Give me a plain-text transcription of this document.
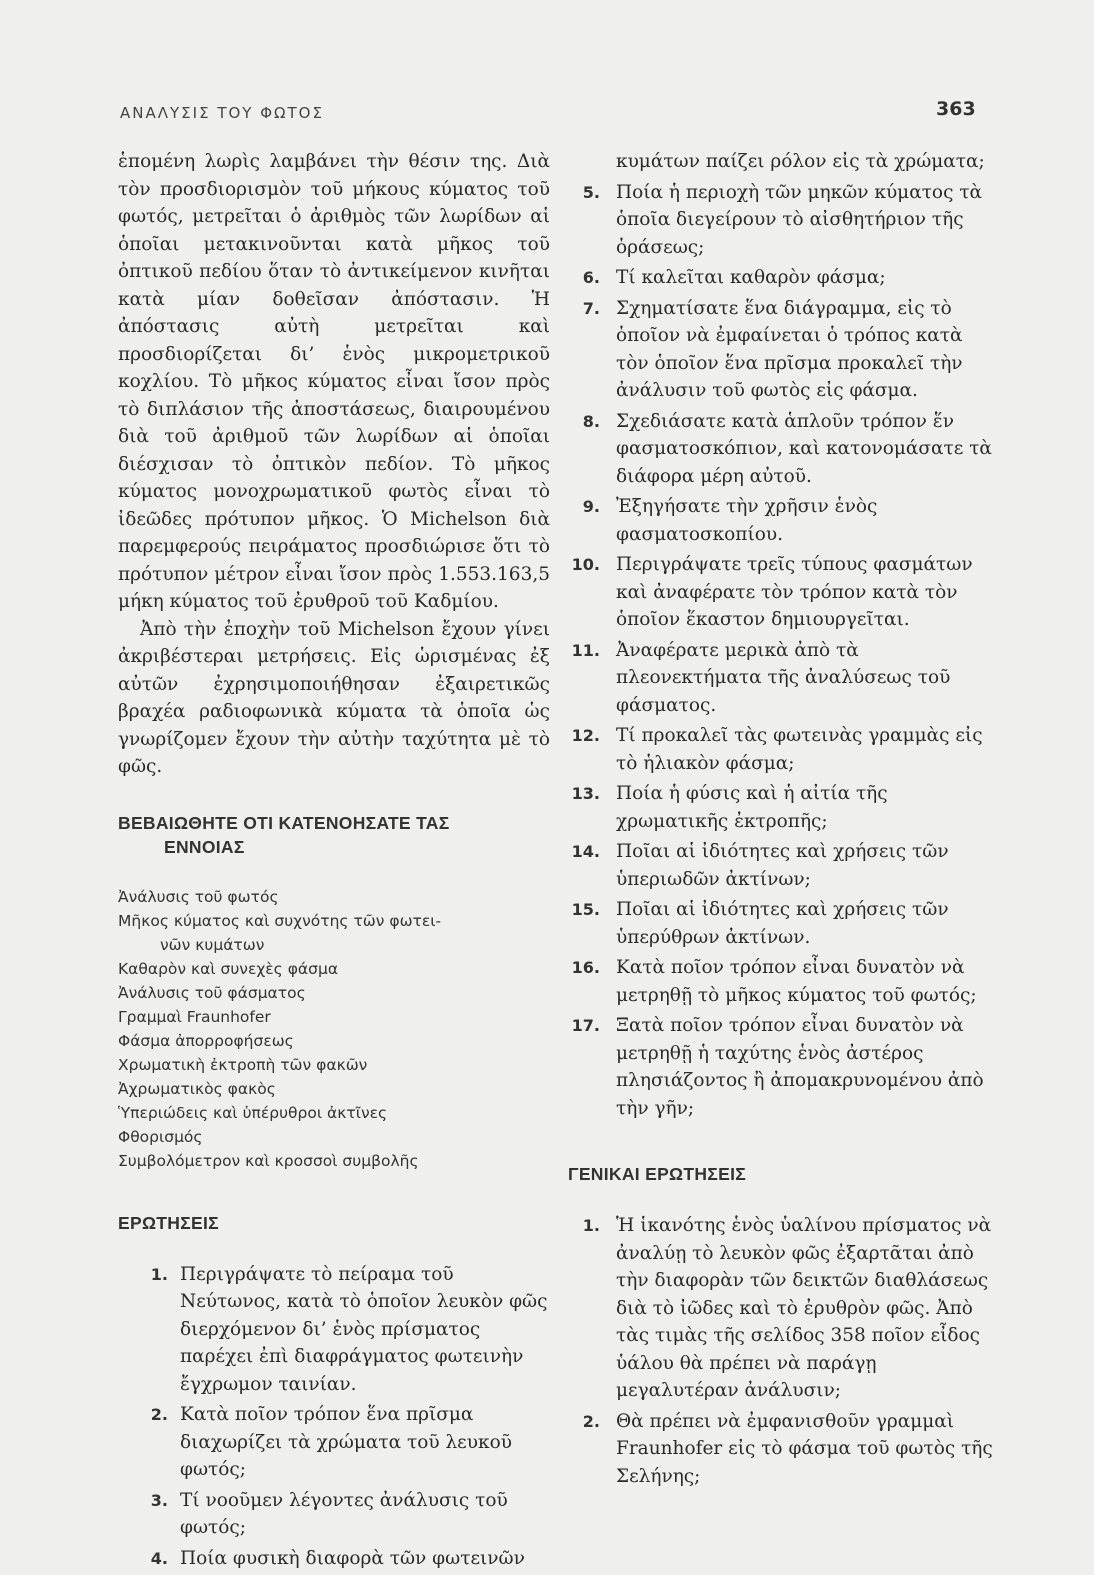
ΑΝΑΛΥΣΙΣ ΤΟΥ ΦΩΤΟΣ	363

ἑπομένη λωρὶς λαμβάνει τὴν θέσιν της. Διὰ τὸν προσδιορισμὸν τοῦ μήκους κύματος τοῦ φωτός, μετρεῖται ὁ ἀριθμὸς τῶν λωρίδων αἱ ὁποῖαι μετακινοῦνται κατὰ μῆκος τοῦ ὀπτικοῦ πεδίου ὅταν τὸ ἀντικείμενον κινῆται κατὰ μίαν δοθεῖσαν ἀπόστασιν. Ἡ ἀπόστασις αὐτὴ μετρεῖται καὶ προσδιορίζεται δι’ ἑνὸς μικρομετρικοῦ κοχλίου. Τὸ μῆκος κύματος εἶναι ἴσον πρὸς τὸ διπλάσιον τῆς ἀποστάσεως, διαιρουμένου διὰ τοῦ ἀριθμοῦ τῶν λωρίδων αἱ ὁποῖαι διέσχισαν τὸ ὀπτικὸν πεδίον. Τὸ μῆκος κύματος μονοχρωματικοῦ φωτὸς εἶναι τὸ ἰδεῶδες πρότυπον μῆκος. Ὁ Michelson διὰ παρεμφερούς πειράματος προσδιώρισε ὅτι τὸ πρότυπον μέτρον εἶναι ἴσον πρὸς 1.553.163,5 μήκη κύματος τοῦ ἐρυθροῦ τοῦ Καδμίου.

Ἀπὸ τὴν ἐποχὴν τοῦ Michelson ἔχουν γίνει ἀκριβέστεραι μετρήσεις. Εἰς ὡρισμένας ἐξ αὐτῶν ἐχρησιμοποιήθησαν ἐξαιρετικῶς βραχέα ραδιοφωνικὰ κύματα τὰ ὁποῖα ὡς γνωρίζομεν ἔχουν τὴν αὐτὴν ταχύτητα μὲ τὸ φῶς.

ΒΕΒΑΙΩΘΗΤΕ ΟΤΙ ΚΑΤΕΝΟΗΣΑΤΕ ΤΑΣ
ΕΝΝΟΙΑΣ
Ἀνάλυσις τοῦ φωτός
Μῆκος κύματος καὶ συχνότης τῶν φωτει-
νῶν κυμάτων
Καθαρὸν καὶ συνεχὲς φάσμα
Ἀνάλυσις τοῦ φάσματος
Γραμμαὶ Fraunhofer
Φάσμα ἀπορροφήσεως
Χρωματικὴ ἐκτροπὴ τῶν φακῶν
Ἀχρωματικὸς φακὸς
Ὑπεριώδεις καὶ ὑπέρυθροι ἀκτῖνες
Φθορισμός
Συμβολόμετρον καὶ κροσσοὶ συμβολῆς
ΕΡΩΤΗΣΕΙΣ
1. Περιγράψατε τὸ πείραμα τοῦ Νεύτωνος, κατὰ τὸ ὁποῖον λευκὸν φῶς διερχόμενον δι’ ἑνὸς πρίσματος παρέχει ἐπὶ διαφράγματος φωτεινὴν ἔγχρωμον ταινίαν.
2. Κατὰ ποῖον τρόπον ἕνα πρῖσμα διαχωρίζει τὰ χρώματα τοῦ λευκοῦ φωτός;
3. Τί νοοῦμεν λέγοντες ἀνάλυσις τοῦ φωτός;
4. Ποία φυσικὴ διαφορὰ τῶν φωτεινῶν

κυμάτων παίζει ρόλον εἰς τὰ χρώματα;

5. Ποία ἡ περιοχὴ τῶν μηκῶν κύματος τὰ ὁποῖα διεγείρουν τὸ αἰσθητήριον τῆς ὁράσεως;
6. Τί καλεῖται καθαρὸν φάσμα;
7. Σχηματίσατε ἕνα διάγραμμα, εἰς τὸ ὁποῖον νὰ ἐμφαίνεται ὁ τρόπος κατὰ τὸν ὁποῖον ἕνα πρῖσμα προκαλεῖ τὴν ἀνάλυσιν τοῦ φωτὸς εἰς φάσμα.
8. Σχεδιάσατε κατὰ ἁπλοῦν τρόπον ἕν φασματοσκόπιον, καὶ κατονομάσατε τὰ διάφορα μέρη αὐτοῦ.
9. Ἐξηγήσατε τὴν χρῆσιν ἑνὸς φασματοσκοπίου.
10. Περιγράψατε τρεῖς τύπους φασμάτων καὶ ἀναφέρατε τὸν τρόπον κατὰ τὸν ὁποῖον ἕκαστον δημιουργεῖται.
11. Ἀναφέρατε μερικὰ ἀπὸ τὰ πλεονεκτήματα τῆς ἀναλύσεως τοῦ φάσματος.
12. Τί προκαλεῖ τὰς φωτεινὰς γραμμὰς εἰς τὸ ἡλιακὸν φάσμα;
13. Ποία ἡ φύσις καὶ ἡ αἰτία τῆς χρωματικῆς ἐκτροπῆς;
14. Ποῖαι αἱ ἰδιότητες καὶ χρήσεις τῶν ὑπεριωδῶν ἀκτίνων;
15. Ποῖαι αἱ ἰδιότητες καὶ χρήσεις τῶν ὑπερύθρων ἀκτίνων.
16. Κατὰ ποῖον τρόπον εἶναι δυνατὸν νὰ μετρηθῇ τὸ μῆκος κύματος τοῦ φωτός;
17. Ξατὰ ποῖον τρόπον εἶναι δυνατὸν νὰ μετρηθῇ ἡ ταχύτης ἑνὸς ἀστέρος πλησιάζοντος ἢ ἀπομακρυνομένου ἀπὸ τὴν γῆν;
ΓΕΝΙΚΑΙ ΕΡΩΤΗΣΕΙΣ
1. Ἡ ἱκανότης ἑνὸς ὑαλίνου πρίσματος νὰ ἀναλύῃ τὸ λευκὸν φῶς ἐξαρτᾶται ἀπὸ τὴν διαφορὰν τῶν δεικτῶν διαθλάσεως διὰ τὸ ἰῶδες καὶ τὸ ἐρυθρὸν φῶς. Ἀπὸ τὰς τιμὰς τῆς σελίδος 358 ποῖον εἶδος ὑάλου θὰ πρέπει νὰ παράγῃ μεγαλυτέραν ἀνάλυσιν;
2. Θὰ πρέπει νὰ ἐμφανισθοῦν γραμμαὶ Fraunhofer εἰς τὸ φάσμα τοῦ φωτὸς τῆς Σελήνης;
